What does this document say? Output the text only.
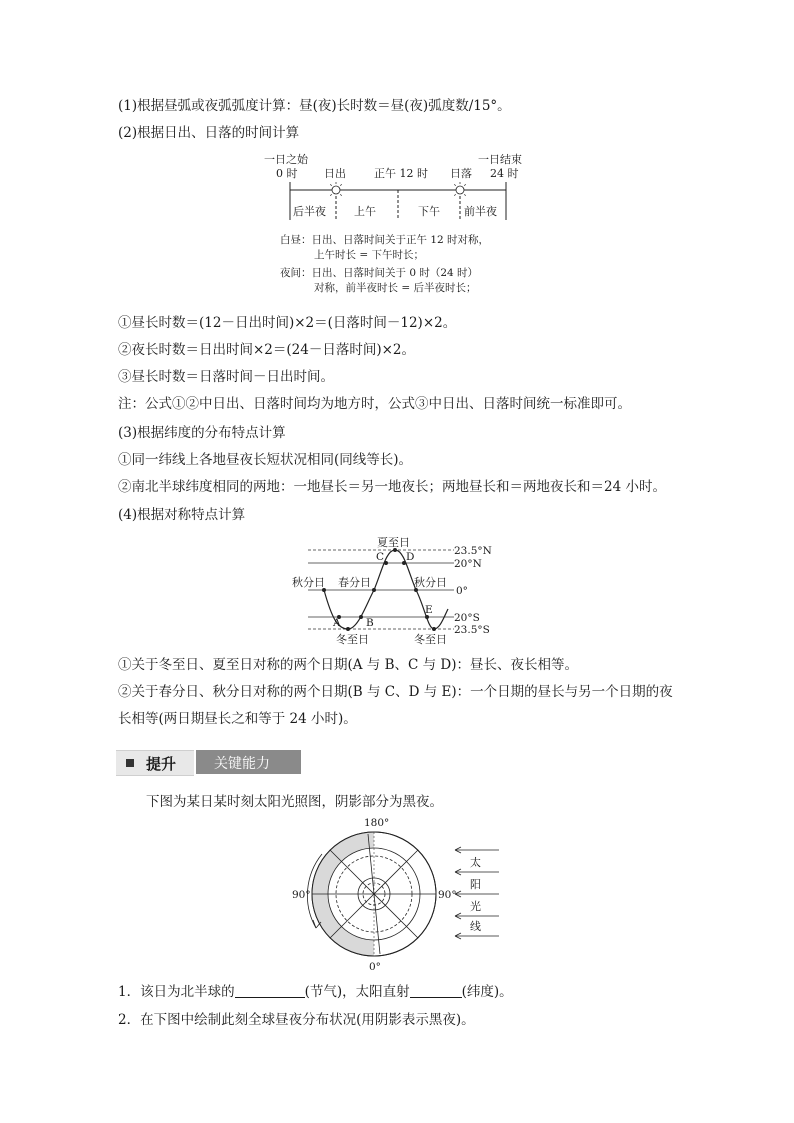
(1)根据昼弧或夜弧弧度计算：昼(夜)长时数＝昼(夜)弧度数/15°。
(2)根据日出、日落的时间计算
一日之始	一日结束
0 时 日出	正午 12 时 日落 24 时
后半夜	上午	下午 前半夜
白昼：日出、日落时间关于正午 12 时对称，
上午时长 = 下午时长；
夜间：日出、日落时间关于 0 时（24 时）
对称，前半夜时长 = 后半夜时长；
①昼长时数＝(12－日出时间)×2＝(日落时间－12)×2。
②夜长时数＝日出时间×2＝(24－日落时间)×2。
③昼长时数＝日落时间－日出时间。
注：公式①②中日出、日落时间均为地方时，公式③中日出、日落时间统一标准即可。
(3)根据纬度的分布特点计算
①同一纬线上各地昼夜长短状况相同(同线等长)。
②南北半球纬度相同的两地：一地昼长＝另一地夜长；两地昼长和＝两地夜长和＝24 小时。
(4)根据对称特点计算
夏至日
秋分日 春分日	秋分日
冬至日	冬至日
23.5°N
20°N
0°
20°S
23.5°S
A B
C D
E
①关于冬至日、夏至日对称的两个日期(A 与 B、C 与 D)：昼长、夜长相等。
②关于春分日、秋分日对称的两个日期(B 与 C、D 与 E)：一个日期的昼长与另一个日期的夜
长相等(两日期昼长之和等于 24 小时)。
提升	关键能力
下图为某日某时刻太阳光照图，阴影部分为黑夜。
180°
90°	90°
0°
太
阳
光
线
1．该日为北半球的	(节气)，太阳直射	(纬度)。
2．在下图中绘制此刻全球昼夜分布状况(用阴影表示黑夜)。
